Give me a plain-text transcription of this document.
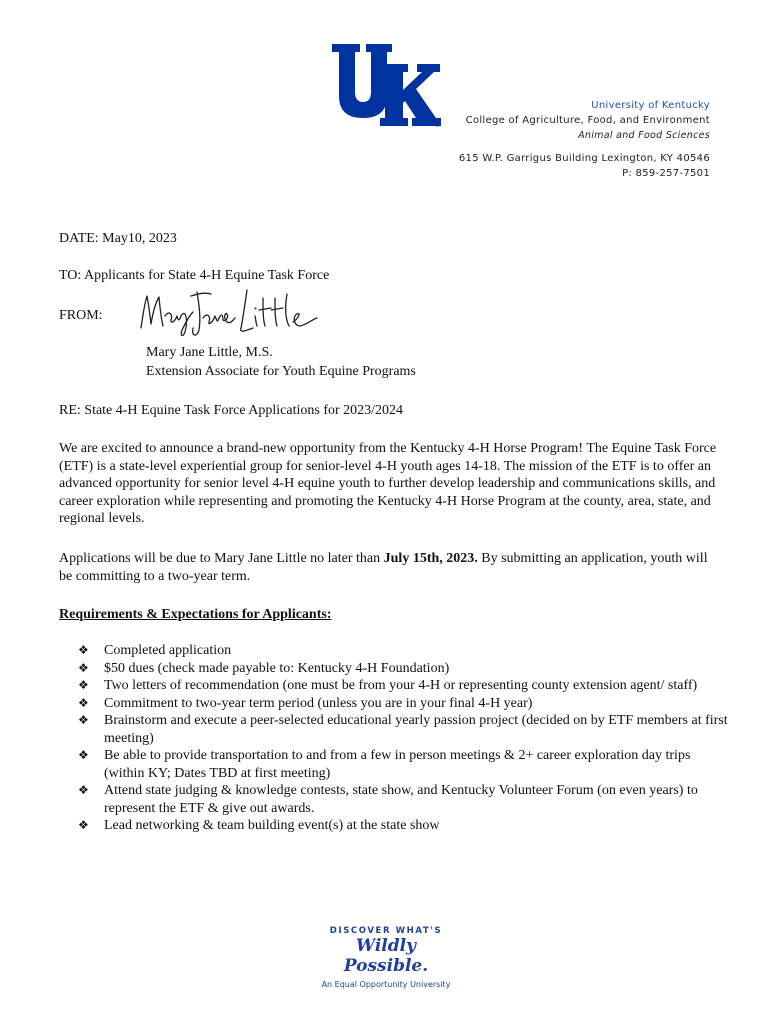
R
University of Kentucky
College of Agriculture, Food, and Environment
Animal and Food Sciences
615 W.P. Garrigus Building Lexington, KY 40546
P: 859-257-7501
DATE: May10, 2023
TO: Applicants for State 4-H Equine Task Force
FROM:
Mary Jane Little, M.S.
Extension Associate for Youth Equine Programs
RE: State 4-H Equine Task Force Applications for 2023/2024
We are excited to announce a brand-new opportunity from the Kentucky 4-H Horse Program! The Equine Task Force (ETF) is a state-level experiential group for senior-level 4-H youth ages 14-18. The mission of the ETF is to offer an advanced opportunity for senior level 4-H equine youth to further develop leadership and communications skills, and career exploration while representing and promoting the Kentucky 4-H Horse Program at the county, area, state, and regional levels.
Applications will be due to Mary Jane Little no later than July 15th, 2023. By submitting an application, youth will be committing to a two-year term.
Requirements & Expectations for Applicants:
❖ Completed application
❖ $50 dues (check made payable to: Kentucky 4-H Foundation)
❖ Two letters of recommendation (one must be from your 4-H or representing county extension agent/ staff)
❖ Commitment to two-year term period (unless you are in your final 4-H year)
❖ Brainstorm and execute a peer-selected educational yearly passion project (decided on by ETF members at first meeting)
❖ Be able to provide transportation to and from a few in person meetings & 2+ career exploration day trips (within KY; Dates TBD at first meeting)
❖ Attend state judging & knowledge contests, state show, and Kentucky Volunteer Forum (on even years) to represent the ETF & give out awards.
❖ Lead networking & team building event(s) at the state show
DISCOVER WHAT'S
Wildly Possible.
An Equal Opportunity University
